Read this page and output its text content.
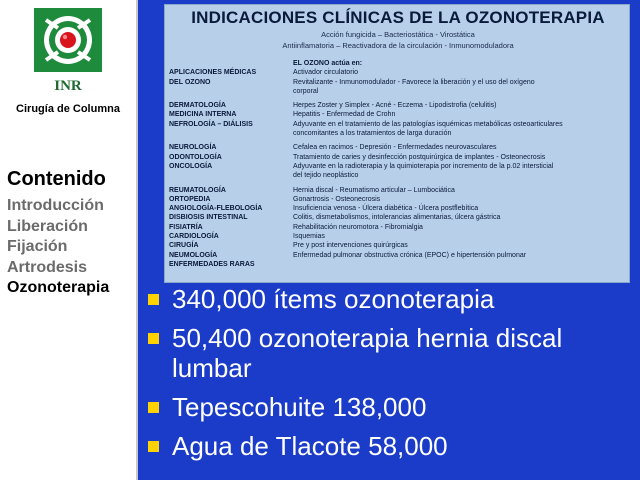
INR
Cirugía de Columna
Contenido
Introducción
Liberación
Fijación
Artrodesis
Ozonoterapia
INDICACIONES CLÍNICAS DE LA OZONOTERAPIA
Acción fungicida – Bacteriostática - Virostática
Antiinflamatoria – Reactivadora de la circulación - Inmunomoduladora
EL OZONO actúa en:
APLICACIONES MÉDICAS	Activador circulatorio
DEL OZONO	Revitalizante - Inmunomodulador - Favorece la liberación y el uso del oxígeno
corporal
DERMATOLOGÍA	Herpes Zoster y Simplex - Acné - Eczema - Lipodistrofia (celulitis)
MEDICINA INTERNA	Hepatitis - Enfermedad de Crohn
NEFROLOGÍA – DIÁLISIS	Adyuvante en el tratamiento de las patologías isquémicas metabólicas osteoarticulares
concomitantes a los tratamientos de larga duración
NEUROLOGÍA	Cefalea en racimos - Depresión - Enfermedades neurovasculares
ODONTOLOGÍA	Tratamiento de caries y desinfección postquirúrgica de implantes - Osteonecrosis
ONCOLOGÍA	Adyuvante en la radioterapia y la quimioterapia por incremento de la p.02 intersticial
del tejido neoplástico
REUMATOLOGÍA	Hernia discal - Reumatismo articular – Lumbociática
ORTOPEDIA	Gonartrosis - Osteonecrosis
ANGIOLOGÍA-FLEBOLOGÍA	Insuficiencia venosa - Úlcera diabética - Úlcera postflebítica
DISBIOSIS INTESTINAL	Colitis, dismetabolismos, intolerancias alimentarias, úlcera gástrica
FISIATRÍA	Rehabilitación neuromotora - Fibromialgia
CARDIOLOGÍA	Isquemias
CIRUGÍA	Pre y post intervenciones quirúrgicas
NEUMOLOGÍA	Enfermedad pulmonar obstructiva crónica (EPOC) e hipertensión pulmonar
ENFERMEDADES RARAS
340,000 ítems ozonoterapia
50,400 ozonoterapia hernia discal lumbar
Tepescohuite 138,000
Agua de Tlacote 58,000
